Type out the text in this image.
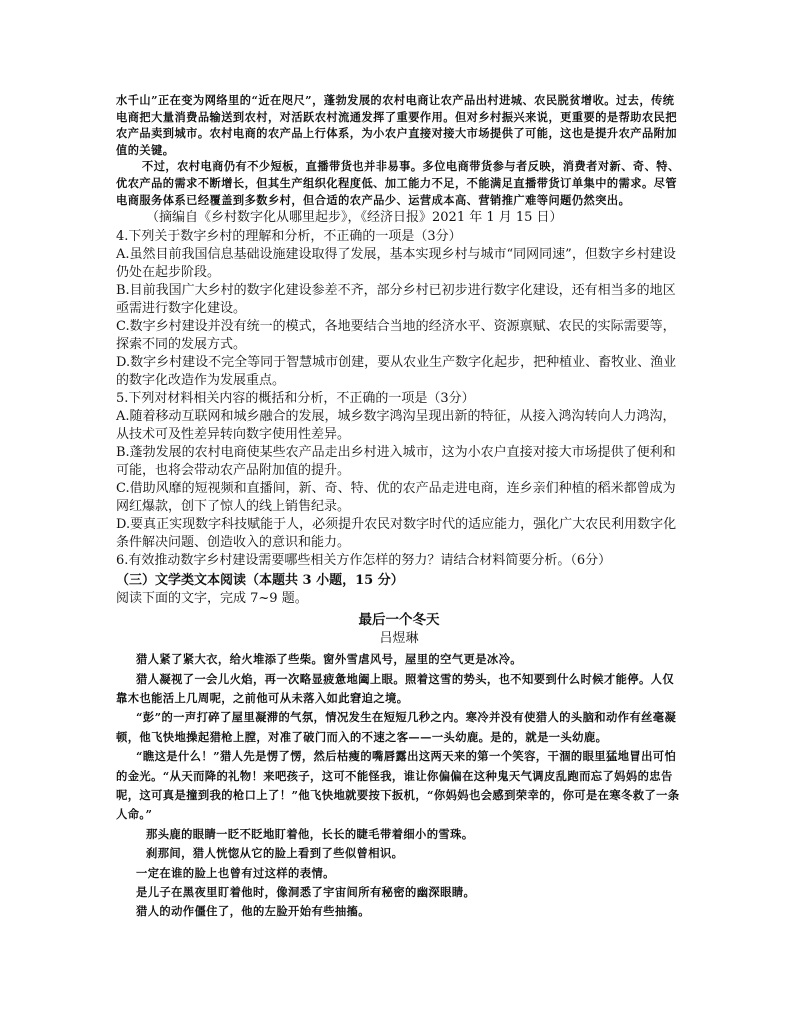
水千山”正在变为网络里的“近在咫尺”，蓬勃发展的农村电商让农产品出村进城、农民脱贫增收。过去，传统电商把大量消费品输送到农村，对活跃农村流通发挥了重要作用。但对乡村振兴来说，更重要的是帮助农民把农产品卖到城市。农村电商的农产品上行体系，为小农户直接对接大市场提供了可能，这也是提升农产品附加值的关键。

不过，农村电商仍有不少短板，直播带货也并非易事。多位电商带货参与者反映，消费者对新、奇、特、优农产品的需求不断增长，但其生产组织化程度低、加工能力不足，不能满足直播带货订单集中的需求。尽管电商服务体系已经覆盖到多数乡村，但合适的农产品少、运营成本高、营销推广难等问题仍然突出。

（摘编自《乡村数字化从哪里起步》，《经济日报》2021 年 1 月 15 日）

4.下列关于数字乡村的理解和分析，不正确的一项是（3分）

A.虽然目前我国信息基础设施建设取得了发展，基本实现乡村与城市“同网同速”，但数字乡村建设仍处在起步阶段。

B.目前我国广大乡村的数字化建设参差不齐，部分乡村已初步进行数字化建设，还有相当多的地区亟需进行数字化建设。

C.数字乡村建设并没有统一的模式，各地要结合当地的经济水平、资源禀赋、农民的实际需要等，探索不同的发展方式。

D.数字乡村建设不完全等同于智慧城市创建，要从农业生产数字化起步，把种植业、畜牧业、渔业的数字化改造作为发展重点。

5.下列对材料相关内容的概括和分析，不正确的一项是（3分）

A.随着移动互联网和城乡融合的发展，城乡数字鸿沟呈现出新的特征，从接入鸿沟转向人力鸿沟，从技术可及性差异转向数字使用性差异。

B.蓬勃发展的农村电商使某些农产品走出乡村进入城市，这为小农户直接对接大市场提供了便利和可能，也将会带动农产品附加值的提升。

C.借助风靡的短视频和直播间，新、奇、特、优的农产品走进电商，连乡亲们种植的稻米都曾成为网红爆款，创下了惊人的线上销售纪录。

D.要真正实现数字科技赋能于人，必须提升农民对数字时代的适应能力，强化广大农民利用数字化条件解决问题、创造收入的意识和能力。

6.有效推动数字乡村建设需要哪些相关方作怎样的努力？请结合材料简要分析。（6分）

（三）文学类文本阅读（本题共 3 小题，15 分）

阅读下面的文字，完成 7~9 题。

最后一个冬天

吕煜琳

猎人紧了紧大衣，给火堆添了些柴。窗外雪虐风号，屋里的空气更是冰冷。

猎人凝视了一会儿火焰，再一次略显疲惫地阖上眼。照着这雪的势头，也不知要到什么时候才能停。人仅靠木也能活上几周呢，之前他可从未落入如此窘迫之境。

“彭”的一声打碎了屋里凝滞的气氛，情况发生在短短几秒之内。寒冷并没有使猎人的头脑和动作有丝毫凝顿，他飞快地操起猎枪上膛，对准了破门而入的不速之客——一头幼鹿。是的，就是一头幼鹿。

“瞧这是什么！”猎人先是愣了愣，然后枯瘦的嘴唇露出这两天来的第一个笑容，干涸的眼里猛地冒出可怕的金光。“从天而降的礼物！来吧孩子，这可不能怪我，谁让你偏偏在这种鬼天气调皮乱跑而忘了妈妈的忠告呢，这可真是撞到我的枪口上了！”他飞快地就要按下扳机，“你妈妈也会感到荣幸的，你可是在寒冬救了一条人命。”

那头鹿的眼睛一眨不眨地盯着他，长长的睫毛带着细小的雪珠。

刹那间，猎人恍惚从它的脸上看到了些似曾相识。

一定在谁的脸上也曾有过这样的表情。

是儿子在黑夜里盯着他时，像洞悉了宇宙间所有秘密的幽深眼睛。

猎人的动作僵住了，他的左脸开始有些抽搐。
